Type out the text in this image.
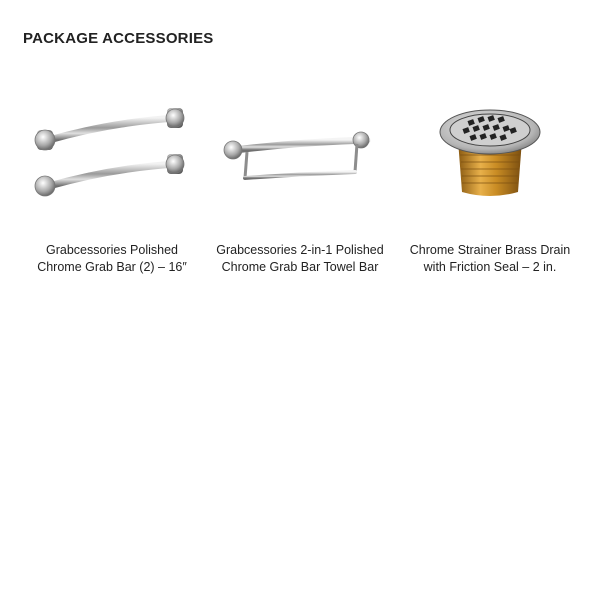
PACKAGE ACCESSORIES
Grabcessories Polished
Chrome Grab Bar (2) – 16″
Grabcessories 2-in-1 Polished
Chrome Grab Bar Towel Bar
Chrome Strainer Brass Drain
with Friction Seal – 2 in.
